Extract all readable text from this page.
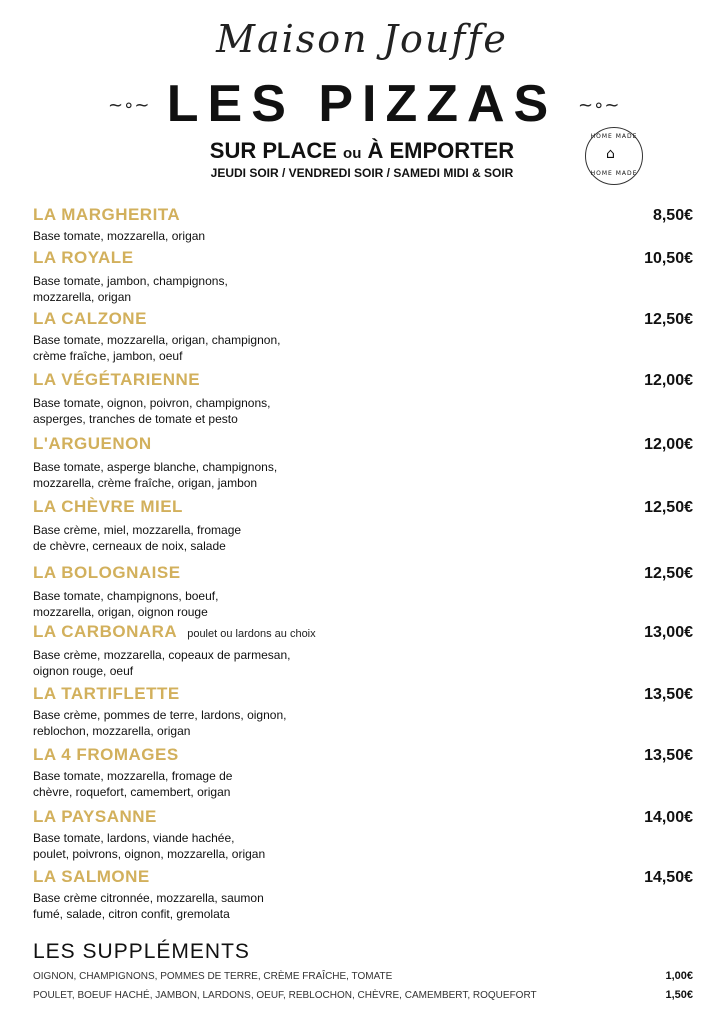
Maison Jouffe
~∘~	~∘~
LES PIZZAS
SUR PLACE ou À EMPORTER
JEUDI SOIR / VENDREDI SOIR / SAMEDI MIDI & SOIR
HOME MADE
⌂
HOME MADE
LA MARGHERITA
Base tomate, mozzarella, origan
8,50€
LA ROYALE
Base tomate, jambon, champignons,
mozzarella, origan
10,50€
LA CALZONE
Base tomate, mozzarella, origan, champignon,
crème fraîche, jambon, oeuf
12,50€
LA VÉGÉTARIENNE
Base tomate, oignon, poivron, champignons,
asperges, tranches de tomate et pesto
12,00€
L'ARGUENON
Base tomate, asperge blanche, champignons,
mozzarella, crème fraîche, origan, jambon
12,00€
LA CHÈVRE MIEL
Base crème, miel, mozzarella, fromage
de chèvre, cerneaux de noix, salade
12,50€
LA BOLOGNAISE
Base tomate, champignons, boeuf,
mozzarella, origan, oignon rouge
12,50€
LA CARBONARA poulet ou lardons au choix
Base crème, mozzarella, copeaux de parmesan,
oignon rouge, oeuf
13,00€
LA TARTIFLETTE
Base crème, pommes de terre, lardons, oignon,
reblochon, mozzarella, origan
13,50€
LA 4 FROMAGES
Base tomate, mozzarella, fromage de
chèvre, roquefort, camembert, origan
13,50€
LA PAYSANNE
Base tomate, lardons, viande hachée,
poulet, poivrons, oignon, mozzarella, origan
14,00€
LA SALMONE
Base crème citronnée, mozzarella, saumon
fumé, salade, citron confit, gremolata
14,50€
LES SUPPLÉMENTS
OIGNON, CHAMPIGNONS, POMMES DE TERRE, CRÈME FRAÎCHE, TOMATE	1,00€
POULET, BOEUF HACHÉ, JAMBON, LARDONS, OEUF, REBLOCHON, CHÈVRE, CAMEMBERT, ROQUEFORT	1,50€
